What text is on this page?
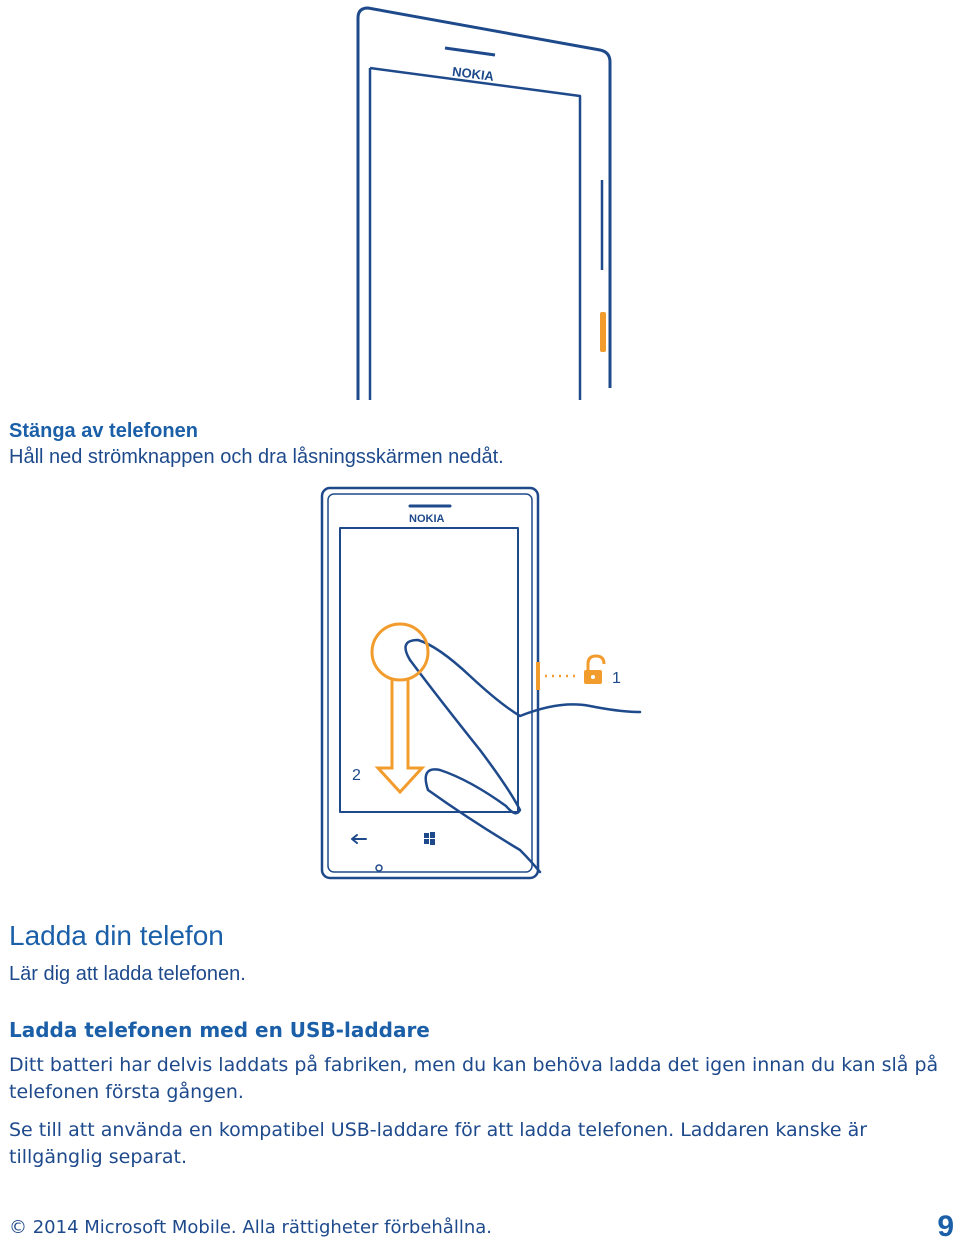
NOKIA
Stänga av telefonen
Håll ned strömknappen och dra låsningsskärmen nedåt.
NOKIA
1
2
Ladda din telefon
Lär dig att ladda telefonen.
Ladda telefonen med en USB-laddare
Ditt batteri har delvis laddats på fabriken, men du kan behöva ladda det igen innan du kan slå på telefonen första gången.
Se till att använda en kompatibel USB-laddare för att ladda telefonen. Laddaren kanske är tillgänglig separat.
© 2014 Microsoft Mobile. Alla rättigheter förbehållna.	9
